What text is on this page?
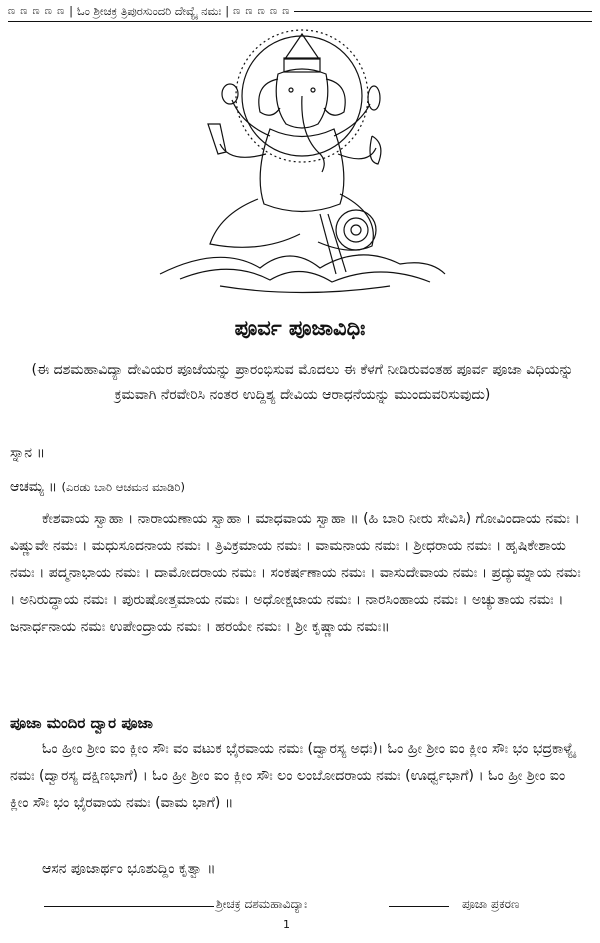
ಣ ಣ ಣ ಣ ಣ | ಓಂ ಶ್ರೀಚಕ್ರ ತ್ರಿಪುರಸುಂದರಿ ದೇವ್ಯೈ ನಮಃ | ಣ ಣ ಣ ಣ ಣ
ಪೂರ್ವ ಪೂಜಾವಿಧಿಃ
(ಈ ದಶಮಹಾವಿದ್ಯಾ ದೇವಿಯರ ಪೂಜೆಯನ್ನು ಪ್ರಾರಂಭಿಸುವ ಮೊದಲು ಈ ಕೆಳಗೆ ನೀಡಿರುವಂತಹ ಪೂರ್ವ ಪೂಜಾ ವಿಧಿಯನ್ನು ಕ್ರಮವಾಗಿ ನೆರವೇರಿಸಿ ನಂತರ ಉದ್ದಿಶ್ಯ ದೇವಿಯ ಆರಾಧನೆಯನ್ನು ಮುಂದುವರಿಸುವುದು)
ಸ್ನಾನ ॥
ಆಚಮ್ಯ ॥ (ಎರಡು ಬಾರಿ ಆಚಮನ ಮಾಡಿರಿ)
ಕೇಶವಾಯ ಸ್ವಾಹಾ । ನಾರಾಯಣಾಯ ಸ್ವಾಹಾ । ಮಾಧವಾಯ ಸ್ವಾಹಾ ॥ (ಹಿ ಬಾರಿ ನೀರು ಸೇವಿಸಿ) ಗೋವಿಂದಾಯ ನಮಃ । ವಿಷ್ಣುವೇ ನಮಃ । ಮಧುಸೂದನಾಯ ನಮಃ । ತ್ರಿವಿಕ್ರಮಾಯ ನಮಃ । ವಾಮನಾಯ ನಮಃ । ಶ್ರೀಧರಾಯ ನಮಃ । ಹೃಷಿಕೇಶಾಯ ನಮಃ । ಪದ್ಮನಾಭಾಯ ನಮಃ । ದಾಮೋದರಾಯ ನಮಃ । ಸಂಕರ್ಷಣಾಯ ನಮಃ । ವಾಸುದೇವಾಯ ನಮಃ । ಪ್ರದ್ಯುಮ್ನಾಯ ನಮಃ । ಅನಿರುದ್ಧಾಯ ನಮಃ । ಪುರುಷೋತ್ತಮಾಯ ನಮಃ । ಅಧೋಕ್ಷಜಾಯ ನಮಃ । ನಾರಸಿಂಹಾಯ ನಮಃ । ಅಚ್ಯುತಾಯ ನಮಃ । ಜನಾರ್ಧನಾಯ ನಮಃ ಉಪೇಂದ್ರಾಯ ನಮಃ । ಹರಯೇ ನಮಃ । ಶ್ರೀ ಕೃಷ್ಣಾಯ ನಮಃ॥
ಪೂಜಾ ಮಂದಿರ ದ್ವಾರ ಪೂಜಾ
ಓಂ ಹ್ರೀಂ ಶ್ರೀಂ ಐಂ ಕ್ಲೀಂ ಸೌಃ ವಂ ವಟುಕ ಭೈರವಾಯ ನಮಃ (ದ್ವಾರಸ್ಯ ಅಧಃ)। ಓಂ ಹ್ರೀ ಶ್ರೀಂ ಐಂ ಕ್ಲೀಂ ಸೌಃ ಭಂ ಭದ್ರಕಾಳ್ಯೈ ನಮಃ (ದ್ವಾರಸ್ಯ ದಕ್ಷಿಣಭಾಗೆ) । ಓಂ ಹ್ರೀ ಶ್ರೀಂ ಐಂ ಕ್ಲೀಂ ಸೌಃ ಲಂ ಲಂಬೋದರಾಯ ನಮಃ (ಊರ್ಧ್ವಭಾಗೆ) । ಓಂ ಹ್ರೀ ಶ್ರೀಂ ಐಂ ಕ್ಲೀಂ ಸೌಃ ಭಂ ಭೈರವಾಯ ನಮಃ (ವಾಮ ಭಾಗೆ) ॥
ಆಸನ ಪೂಜಾರ್ಥಂ ಭೂಶುದ್ದಿಂ ಕೃತ್ವಾ ॥
ಶ್ರೀಚಕ್ರ ದಶಮಹಾವಿದ್ಯಾಃ	ಪೂಜಾ ಪ್ರಕರಣ
1
